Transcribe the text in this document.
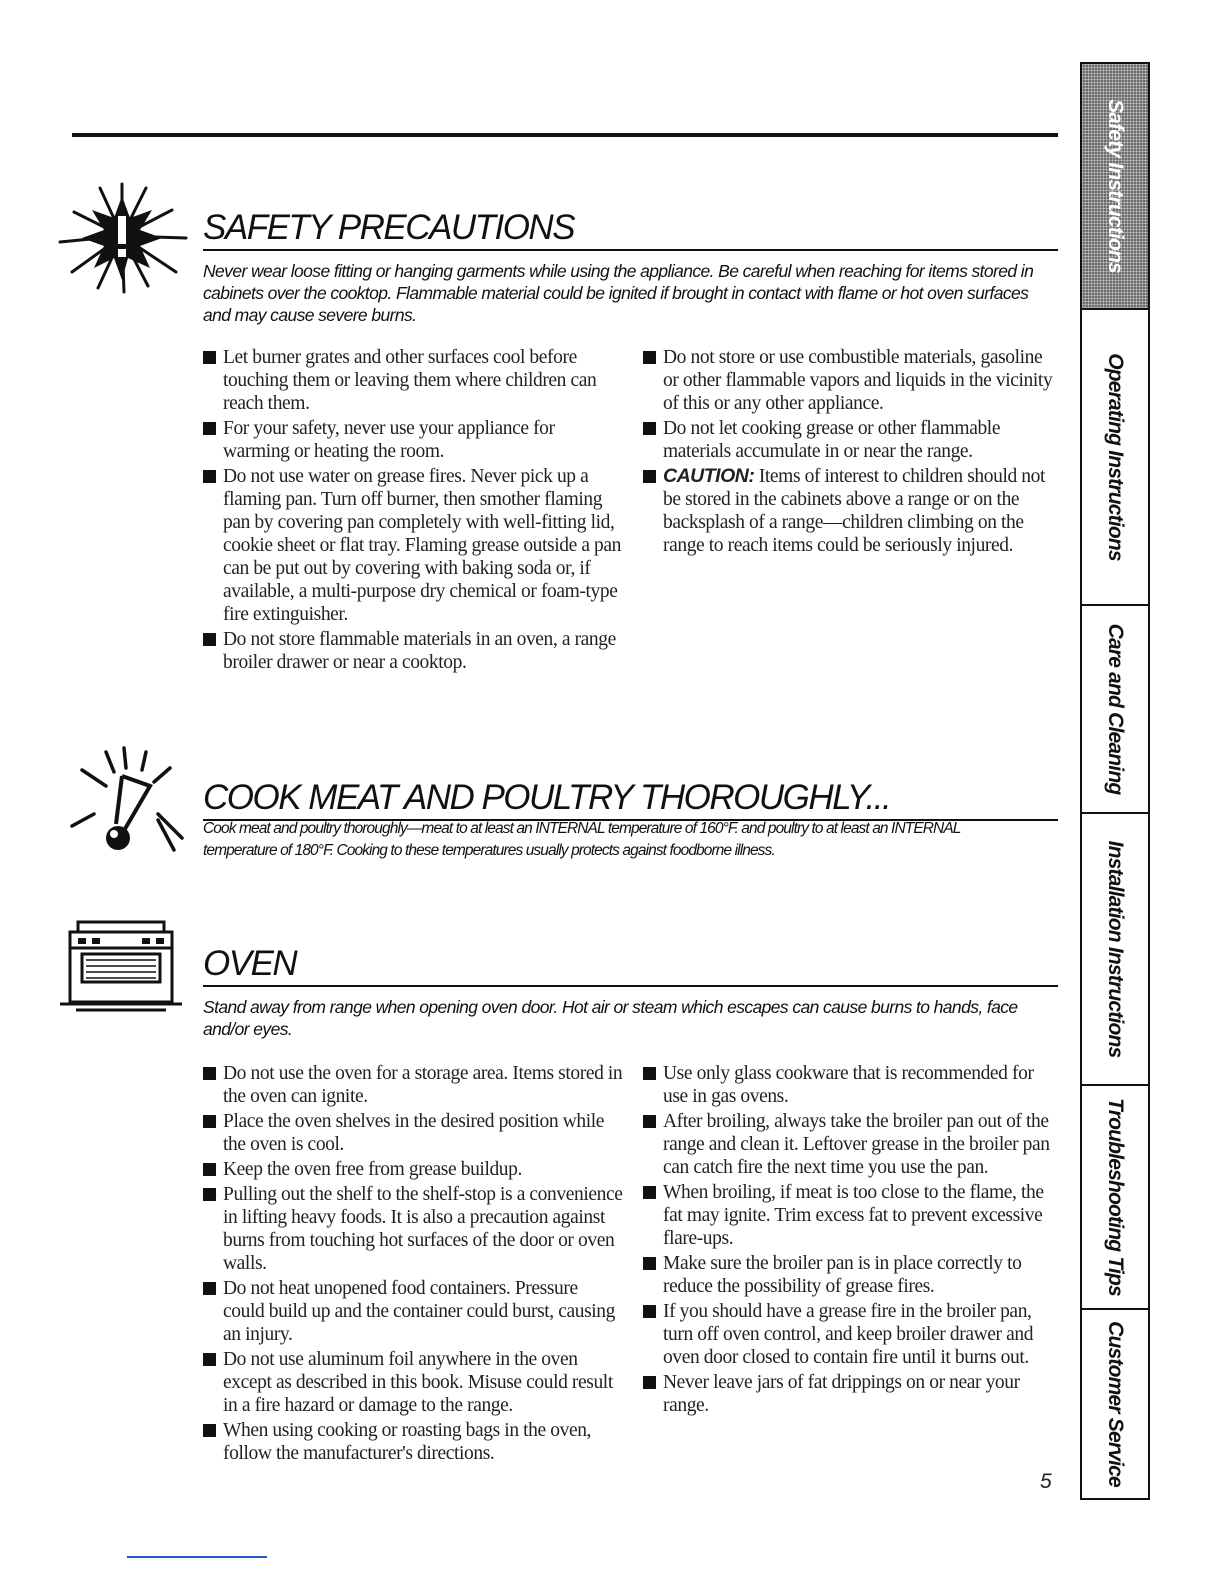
SAFETY PRECAUTIONS

Never wear loose fitting or hanging garments while using the appliance. Be careful when reaching for items stored in cabinets over the cooktop. Flammable material could be ignited if brought in contact with flame or hot oven surfaces and may cause severe burns.

Let burner grates and other surfaces cool before touching them or leaving them where children can reach them.
For your safety, never use your appliance for warming or heating the room.
Do not use water on grease fires. Never pick up a flaming pan. Turn off burner, then smother flaming pan by covering pan completely with well-fitting lid, cookie sheet or flat tray. Flaming grease outside a pan can be put out by covering with baking soda or, if available, a multi-purpose dry chemical or foam-type fire extinguisher.
Do not store flammable materials in an oven, a range broiler drawer or near a cooktop.
Do not store or use combustible materials, gasoline or other flammable vapors and liquids in the vicinity of this or any other appliance.
Do not let cooking grease or other flammable materials accumulate in or near the range.
CAUTION: Items of interest to children should not be stored in the cabinets above a range or on the backsplash of a range—children climbing on the range to reach items could be seriously injured.
COOK MEAT AND POULTRY THOROUGHLY...

Cook meat and poultry thoroughly—meat to at least an INTERNAL temperature of 160°F. and poultry to at least an INTERNAL temperature of 180°F. Cooking to these temperatures usually protects against foodborne illness.

OVEN

Stand away from range when opening oven door. Hot air or steam which escapes can cause burns to hands, face and/or eyes.

Do not use the oven for a storage area. Items stored in the oven can ignite.
Place the oven shelves in the desired position while the oven is cool.
Keep the oven free from grease buildup.
Pulling out the shelf to the shelf-stop is a convenience in lifting heavy foods. It is also a precaution against burns from touching hot surfaces of the door or oven walls.
Do not heat unopened food containers. Pressure could build up and the container could burst, causing an injury.
Do not use aluminum foil anywhere in the oven except as described in this book. Misuse could result in a fire hazard or damage to the range.
When using cooking or roasting bags in the oven, follow the manufacturer's directions.
Use only glass cookware that is recommended for use in gas ovens.
After broiling, always take the broiler pan out of the range and clean it. Leftover grease in the broiler pan can catch fire the next time you use the pan.
When broiling, if meat is too close to the flame, the fat may ignite. Trim excess fat to prevent excessive flare-ups.
Make sure the broiler pan is in place correctly to reduce the possibility of grease fires.
If you should have a grease fire in the broiler pan, turn off oven control, and keep broiler drawer and oven door closed to contain fire until it burns out.
Never leave jars of fat drippings on or near your range.
5
Safety Instructions
Operating Instructions
Care and Cleaning
Installation Instructions
Troubleshooting Tips
Customer Service
